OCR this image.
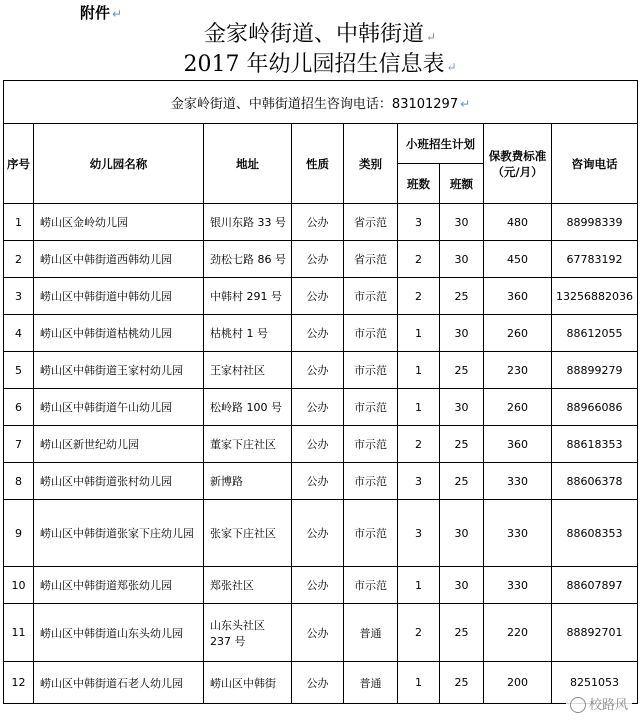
附件 ↵
金家岭街道、中韩街道 ↵
2017 年幼儿园招生信息表 ↵
金家岭街道、中韩街道招生咨询电话：83101297 ↵								
序号	幼儿园名称	地址	性质	类别	小班招生计划		保教费标准（元/月）	咨询电话
					班数	班额		
1	崂山区金岭幼儿园	银川东路 33 号	公办	省示范	3	30	480	88998339
2	崂山区中韩街道西韩幼儿园	劲松七路 86 号	公办	省示范	2	30	450	67783192
3	崂山区中韩街道中韩幼儿园	中韩村 291 号	公办	市示范	2	25	360	13256882036
4	崂山区中韩街道枯桃幼儿园	枯桃村 1 号	公办	市示范	1	30	260	88612055
5	崂山区中韩街道王家村幼儿园	王家村社区	公办	市示范	1	25	230	88899279
6	崂山区中韩街道午山幼儿园	松岭路 100 号	公办	市示范	1	30	260	88966086
7	崂山区新世纪幼儿园	董家下庄社区	公办	市示范	2	25	360	88618353
8	崂山区中韩街道张村幼儿园	新博路	公办	市示范	3	25	330	88606378
9	崂山区中韩街道张家下庄幼儿园	张家下庄社区	公办	市示范	3	30	330	88608353
10	崂山区中韩街道郑张幼儿园	郑张社区	公办	市示范	1	30	330	88607897
11	崂山区中韩街道山东头幼儿园	山东头社区 237 号	公办	普通	2	25	220	88892701
12	崂山区中韩街道石老人幼儿园	崂山区中韩街	公办	普通	1	25	200	8251053
校路风
